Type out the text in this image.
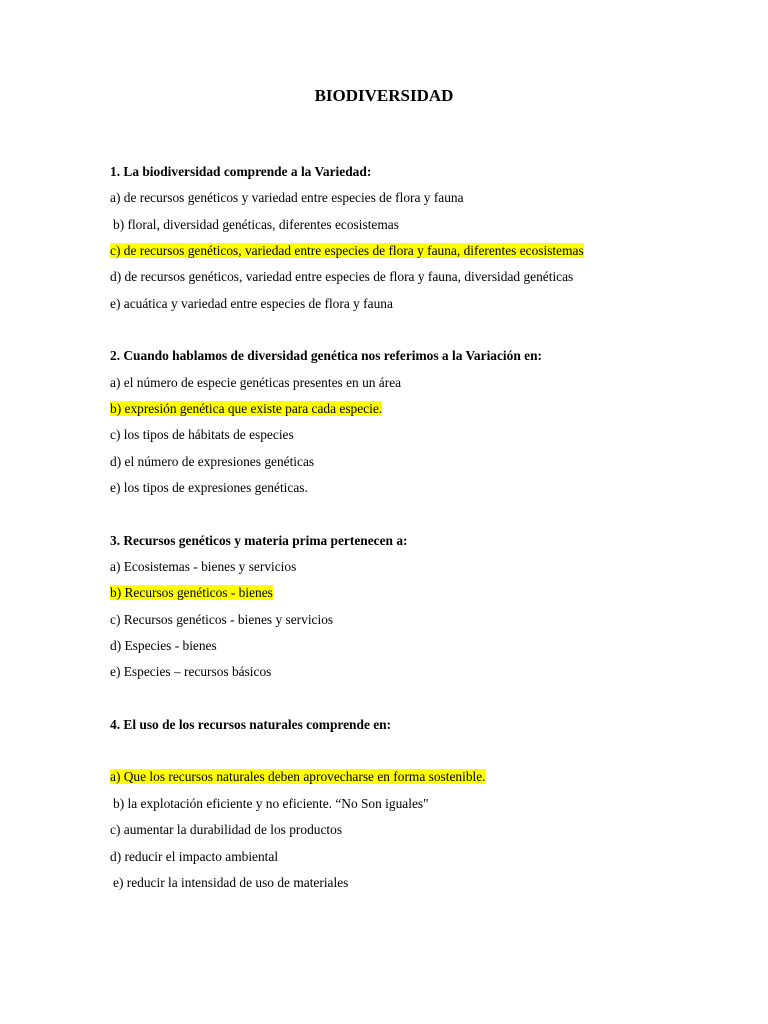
BIODIVERSIDAD
1. La biodiversidad comprende a la Variedad:
a) de recursos genéticos y variedad entre especies de flora y fauna
b) floral, diversidad genéticas, diferentes ecosistemas
c) de recursos genéticos, variedad entre especies de flora y fauna, diferentes ecosistemas
d) de recursos genéticos, variedad entre especies de flora y fauna, diversidad genéticas
e) acuática y variedad entre especies de flora y fauna
2. Cuando hablamos de diversidad genética nos referimos a la Variación en:
a) el número de especie genéticas presentes en un área
b) expresión genética que existe para cada especie.
c) los tipos de hábitats de especies
d) el número de expresiones genéticas
e) los tipos de expresiones genéticas.
3. Recursos genéticos y materia prima pertenecen a:
a) Ecosistemas - bienes y servicios
b) Recursos genéticos - bienes
c) Recursos genéticos - bienes y servicios
d) Especies - bienes
e) Especies – recursos básicos
4. El uso de los recursos naturales comprende en:
a) Que los recursos naturales deben aprovecharse en forma sostenible.
b) la explotación eficiente y no eficiente. “No Son iguales"
c) aumentar la durabilidad de los productos
d) reducir el impacto ambiental
e) reducir la intensidad de uso de materiales
